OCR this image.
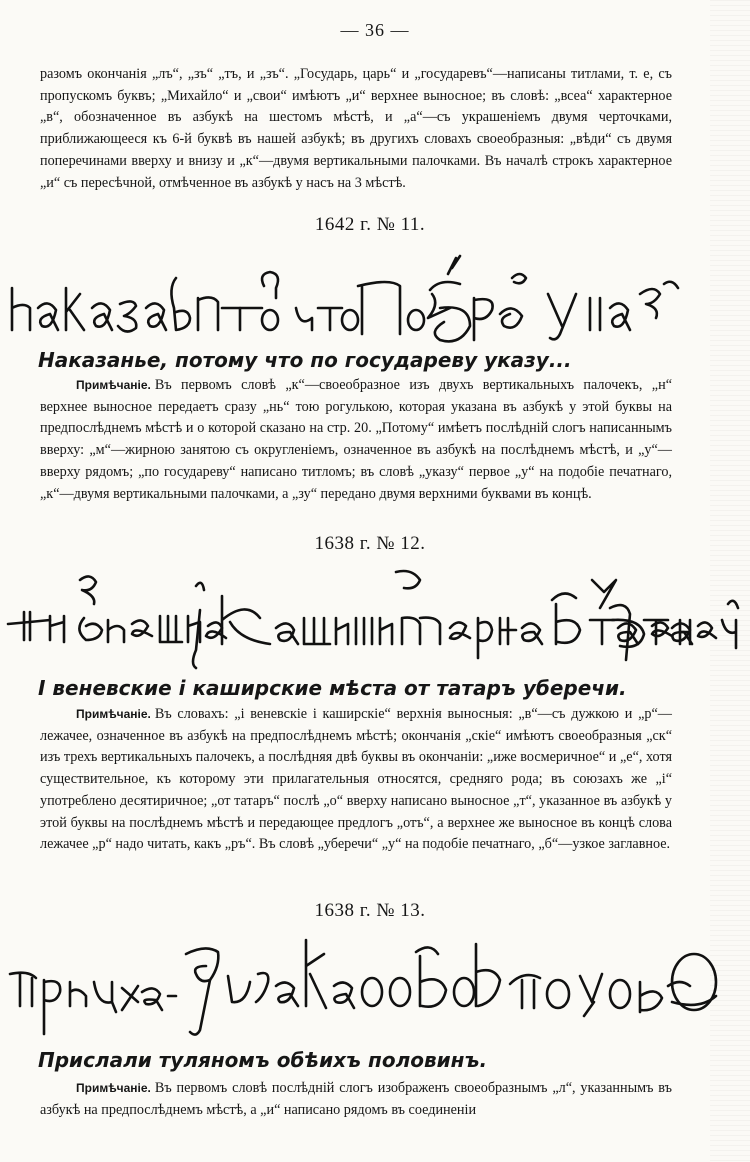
— 36 —

разомъ окончанія „лъ“, „зъ“ „тъ, и „зъ“. „Государь, царь“ и „государевъ“—написаны титлами, т. е, съ пропускомъ буквъ; „Михайло“ и „свои“ имѣютъ „и“ верхнее выносное; въ словѣ: „всеа“ характерное „в“, обозначенное въ азбукѣ на шестомъ мѣстѣ, и „а“—съ украшеніемъ двумя черточками, приближающееся къ 6-й буквѣ въ нашей азбукѣ; въ другихъ словахъ своеобразныя: „вѣди“ съ двумя поперечинами вверху и внизу и „к“—двумя вертикальными палочками. Въ началѣ строкъ характерное „и“ съ пересѣчной, отмѣченное въ азбукѣ у насъ на 3 мѣстѣ.

1642 г. № 11.
Наказанье, потому что по государеву указу...

Примѣчаніе. Въ первомъ словѣ „к“—своеобразное изъ двухъ вертикальныхъ палочекъ, „н“ верхнее выносное передаетъ сразу „нь“ тою рогулькою, которая указана въ азбукѣ у этой буквы на предпослѣднемъ мѣстѣ и о которой сказано на стр. 20. „Потому“ имѣетъ послѣдній слогъ написаннымъ вверху: „м“—жирною занятою съ округленіемъ, означенное въ азбукѣ на послѣднемъ мѣстѣ, и „у“—вверху рядомъ; „по государеву“ написано титломъ; въ словѣ „указу“ первое „у“ на подобіе печатнаго, „к“—двумя вертикальными палочками, а „зу“ передано двумя верхними буквами въ концѣ.

1638 г. № 12.
I веневские і каширские мѣста от татаръ уберечи.

Примѣчаніе. Въ словахъ: „і веневскіе і каширскіе“ верхнія выносныя: „в“—съ дужкою и „р“—лежачее, означенное въ азбукѣ на предпослѣднемъ мѣстѣ; окончанія „скіе“ имѣютъ своеобразныя „ск“ изъ трехъ вертикальныхъ палочекъ, а послѣдняя двѣ буквы въ окончаніи: „иже восмеричное“ и „е“, хотя существительное, къ которому эти прилагательныя относятся, средняго рода; въ союзахъ же „і“ употреблено десятиричное; „от татаръ“ послѣ „о“ вверху написано выносное „т“, указанное въ азбукѣ у этой буквы на послѣднемъ мѣстѣ и передающее предлогъ „отъ“, а верхнее же выносное въ концѣ слова лежачее „р“ надо читать, какъ „ръ“. Въ словѣ „уберечи“ „у“ на подобіе печатнаго, „б“—узкое заглавное.

1638 г. № 13.
Прислали туляномъ обѣихъ половинъ.

Примѣчаніе. Въ первомъ словѣ послѣдній слогъ изображенъ своеобразнымъ „л“, указаннымъ въ азбукѣ на предпослѣднемъ мѣстѣ, а „и“ написано рядомъ въ соединеніи
